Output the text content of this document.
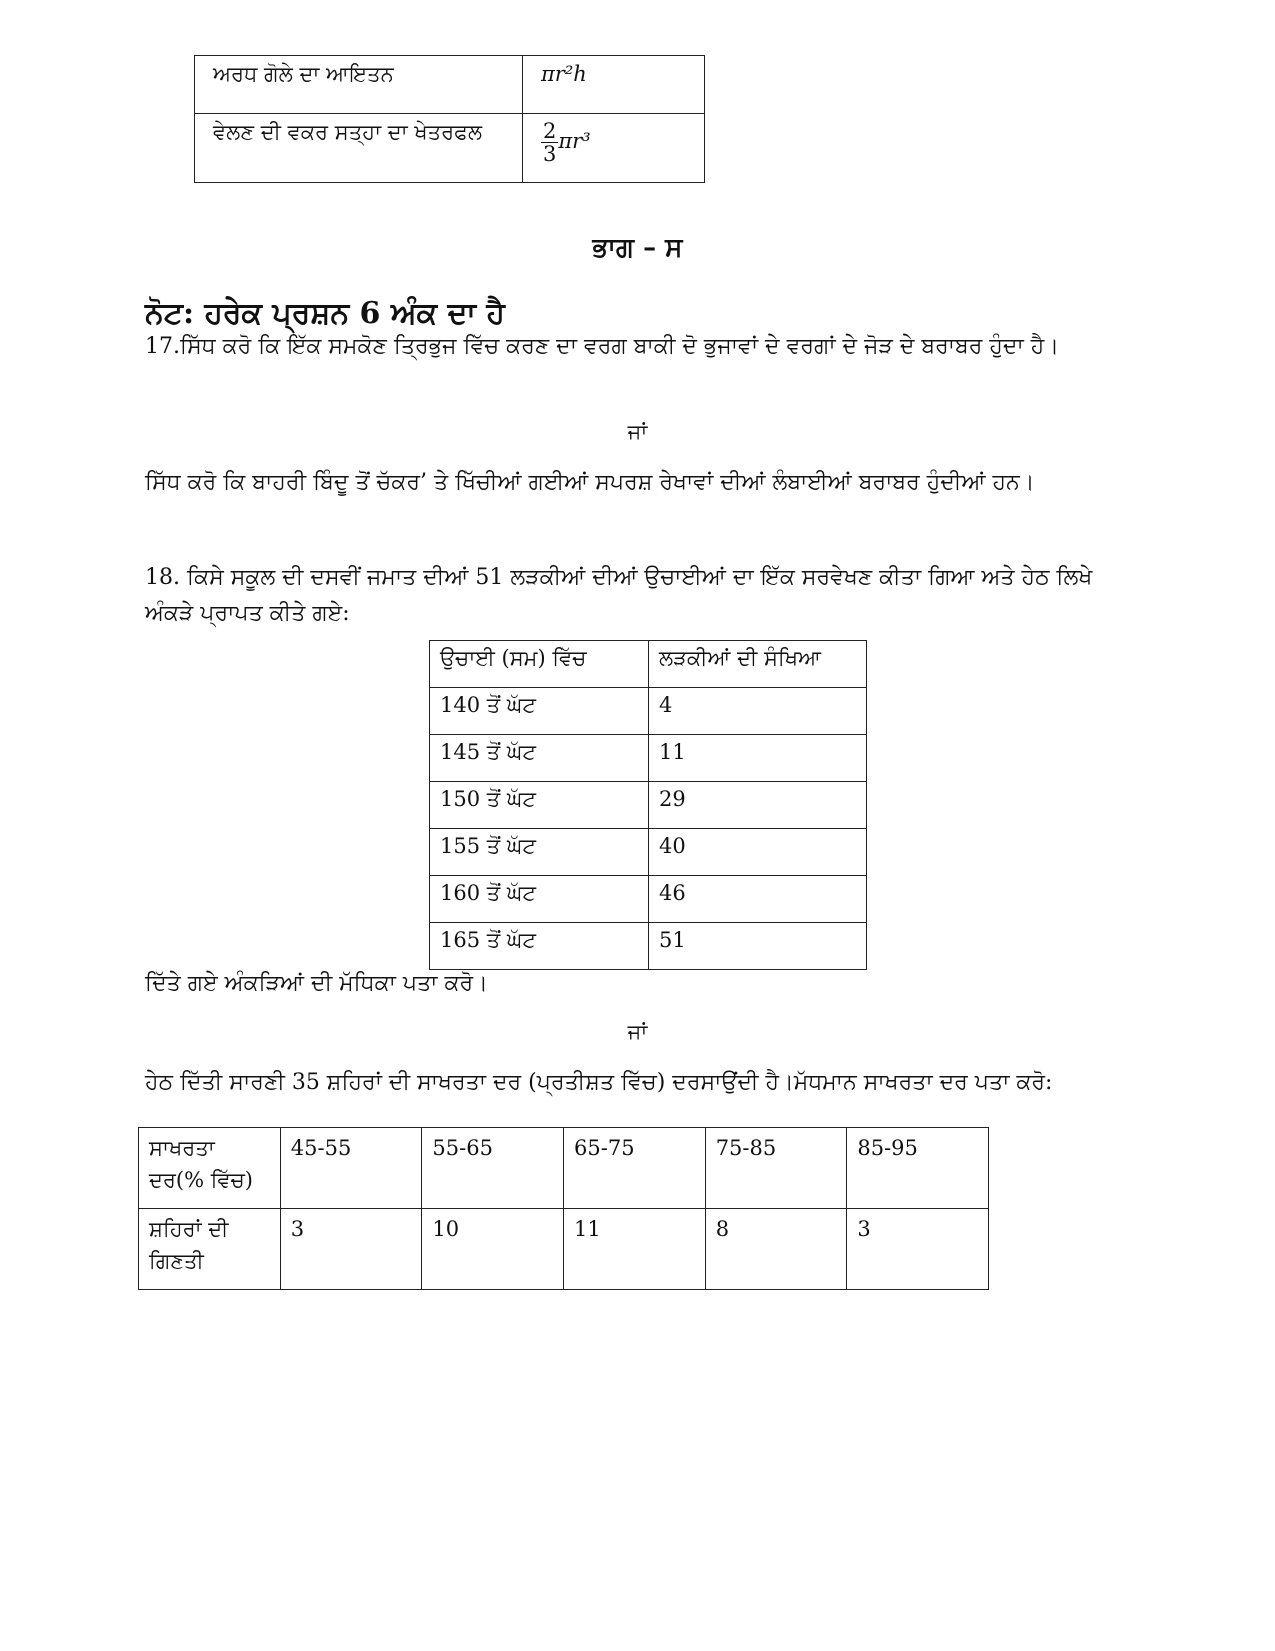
ਅਰਧ ਗੋਲੇ ਦਾ ਆਇਤਨ	πr²h
ਵੇਲਣ ਦੀ ਵਕਰ ਸਤ੍ਹਾ ਦਾ ਖੇਤਰਫਲ	$\frac{2}{3} \pi r^3$
ਭਾਗ – ਸ
ਨੋਟ: ਹਰੇਕ ਪ੍ਰਸ਼ਨ 6 ਅੰਕ ਦਾ ਹੈ
17.ਸਿੱਧ ਕਰੋ ਕਿ ਇੱਕ ਸਮਕੋਣ ਤ੍ਰਿਭੁਜ ਵਿੱਚ ਕਰਣ ਦਾ ਵਰਗ ਬਾਕੀ ਦੋ ਭੁਜਾਵਾਂ ਦੇ ਵਰਗਾਂ ਦੇ ਜੋੜ ਦੇ ਬਰਾਬਰ ਹੁੰਦਾ ਹੈ।
ਜਾਂ
ਸਿੱਧ ਕਰੋ ਕਿ ਬਾਹਰੀ ਬਿੰਦੂ ਤੋਂ ਚੱਕਰ’ ਤੇ ਖਿੱਚੀਆਂ ਗਈਆਂ ਸਪਰਸ਼ ਰੇਖਾਵਾਂ ਦੀਆਂ ਲੰਬਾਈਆਂ ਬਰਾਬਰ ਹੁੰਦੀਆਂ ਹਨ।
18. ਕਿਸੇ ਸਕੂਲ ਦੀ ਦਸਵੀਂ ਜਮਾਤ ਦੀਆਂ 51 ਲੜਕੀਆਂ ਦੀਆਂ ਉਚਾਈਆਂ ਦਾ ਇੱਕ ਸਰਵੇਖਣ ਕੀਤਾ ਗਿਆ ਅਤੇ ਹੇਠ ਲਿਖੇ ਅੰਕੜੇ ਪ੍ਰਾਪਤ ਕੀਤੇ ਗਏ:
ਉਚਾਈ (ਸਮ) ਵਿੱਚ	ਲੜਕੀਆਂ ਦੀ ਸੰਖਿਆ
140 ਤੋਂ ਘੱਟ	4
145 ਤੋਂ ਘੱਟ	11
150 ਤੋਂ ਘੱਟ	29
155 ਤੋਂ ਘੱਟ	40
160 ਤੋਂ ਘੱਟ	46
165 ਤੋਂ ਘੱਟ	51
ਦਿੱਤੇ ਗਏ ਅੰਕੜਿਆਂ ਦੀ ਮੱਧਿਕਾ ਪਤਾ ਕਰੋ।
ਜਾਂ
ਹੇਠ ਦਿੱਤੀ ਸਾਰਣੀ 35 ਸ਼ਹਿਰਾਂ ਦੀ ਸਾਖਰਤਾ ਦਰ (ਪ੍ਰਤੀਸ਼ਤ ਵਿੱਚ) ਦਰਸਾਉਂਦੀ ਹੈ।ਮੱਧਮਾਨ ਸਾਖਰਤਾ ਦਰ ਪਤਾ ਕਰੋ:
ਸਾਖਰਤਾ ਦਰ(% ਵਿੱਚ)	45-55	55-65	65-75	75-85	85-95
ਸ਼ਹਿਰਾਂ ਦੀ ਗਿਣਤੀ	3	10	11	8	3
